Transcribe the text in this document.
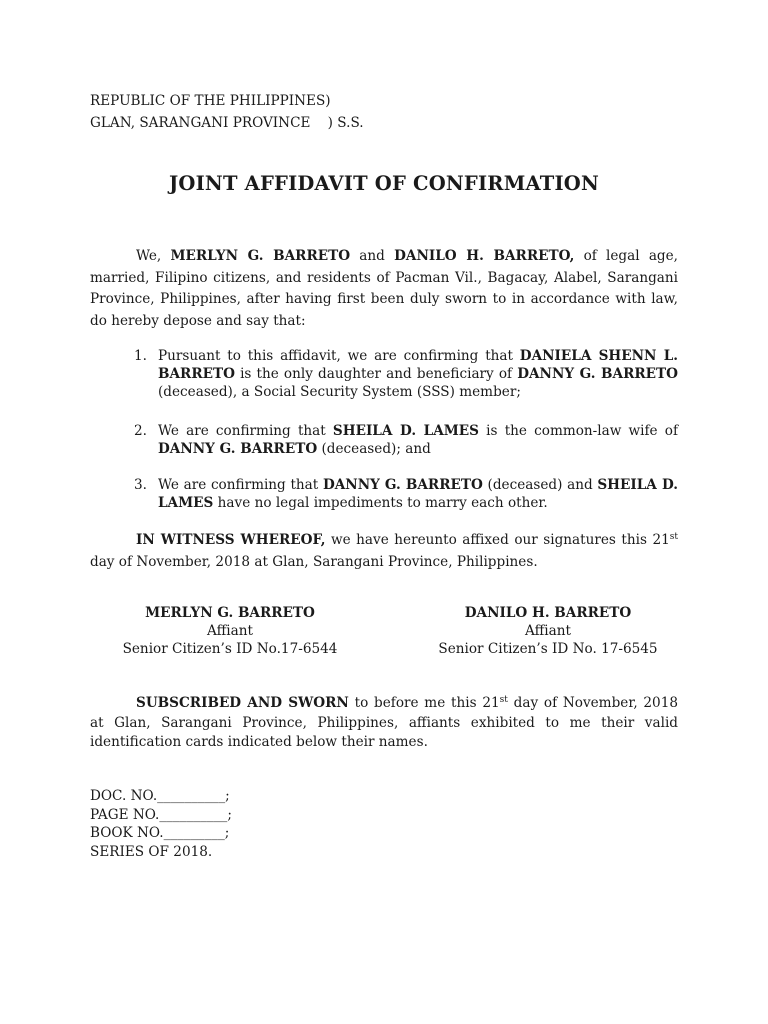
REPUBLIC OF THE PHILIPPINES)
GLAN, SARANGANI PROVINCE    ) S.S.
JOINT AFFIDAVIT OF CONFIRMATION
We, MERLYN G. BARRETO and DANILO H. BARRETO, of legal age, married, Filipino citizens, and residents of Pacman Vil., Bagacay, Alabel, Sarangani Province, Philippines, after having first been duly sworn to in accordance with law, do hereby depose and say that:
1. Pursuant to this affidavit, we are confirming that DANIELA SHENN L. BARRETO is the only daughter and beneficiary of DANNY G. BARRETO (deceased), a Social Security System (SSS) member;
2. We are confirming that SHEILA D. LAMES is the common-law wife of DANNY G. BARRETO (deceased); and
3. We are confirming that DANNY G. BARRETO (deceased) and SHEILA D. LAMES have no legal impediments to marry each other.
IN WITNESS WHEREOF, we have hereunto affixed our signatures this 21st day of November, 2018 at Glan, Sarangani Province, Philippines.
MERLYN G. BARRETO
Affiant
Senior Citizen’s ID No.17-6544
DANILO H. BARRETO
Affiant
Senior Citizen’s ID No. 17-6545
SUBSCRIBED AND SWORN to before me this 21st day of November, 2018 at Glan, Sarangani Province, Philippines, affiants exhibited to me their valid identification cards indicated below their names.
DOC. NO.__________;
PAGE NO.__________;
BOOK NO._________;
SERIES OF 2018.
